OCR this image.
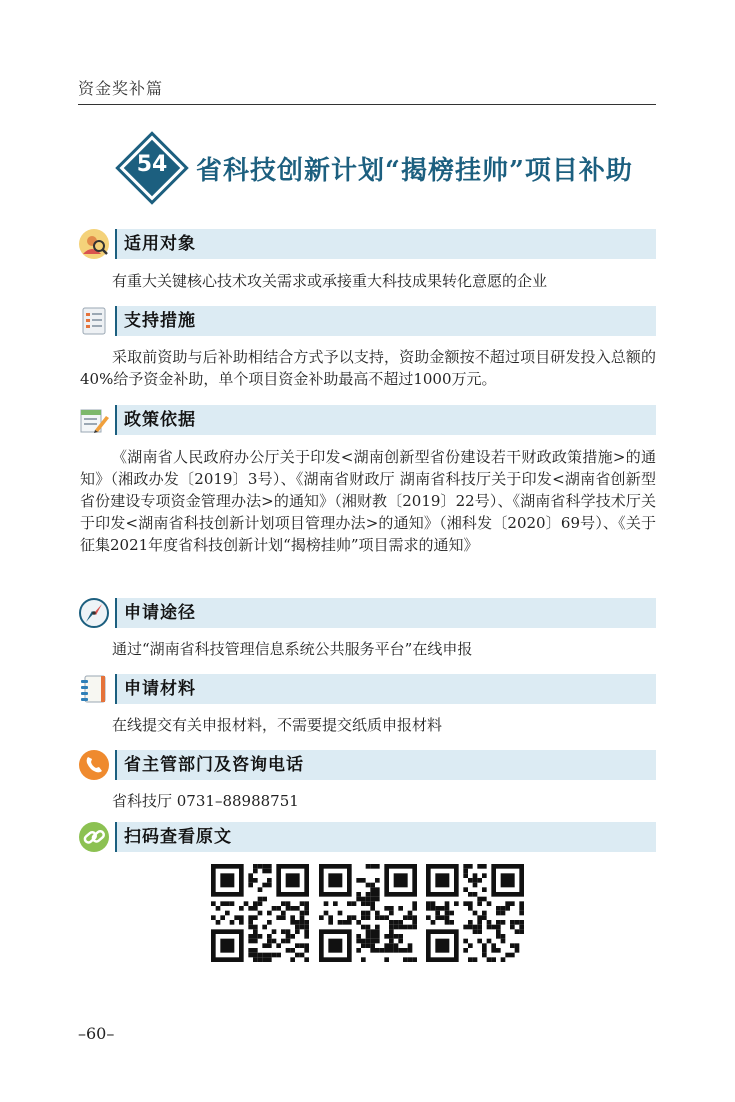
资金奖补篇
54	省科技创新计划“揭榜挂帅”项目补助
适用对象
有重大关键核心技术攻关需求或承接重大科技成果转化意愿的企业
支持措施
采取前资助与后补助相结合方式予以支持，资助金额按不超过项目研发投入总额的40%给予资金补助，单个项目资金补助最高不超过1000万元。
政策依据
《湖南省人民政府办公厅关于印发<湖南创新型省份建设若干财政政策措施>的通知》（湘政办发〔2019〕3号）、《湖南省财政厅 湖南省科技厅关于印发<湖南省创新型省份建设专项资金管理办法>的通知》（湘财教〔2019〕22号）、《湖南省科学技术厅关于印发<湖南省科技创新计划项目管理办法>的通知》（湘科发〔2020〕69号）、《关于征集2021年度省科技创新计划“揭榜挂帅”项目需求的通知》
申请途径
通过“湖南省科技管理信息系统公共服务平台”在线申报
申请材料
在线提交有关申报材料，不需要提交纸质申报材料
省主管部门及咨询电话
省科技厅 0731–88988751
扫码查看原文
–60–
